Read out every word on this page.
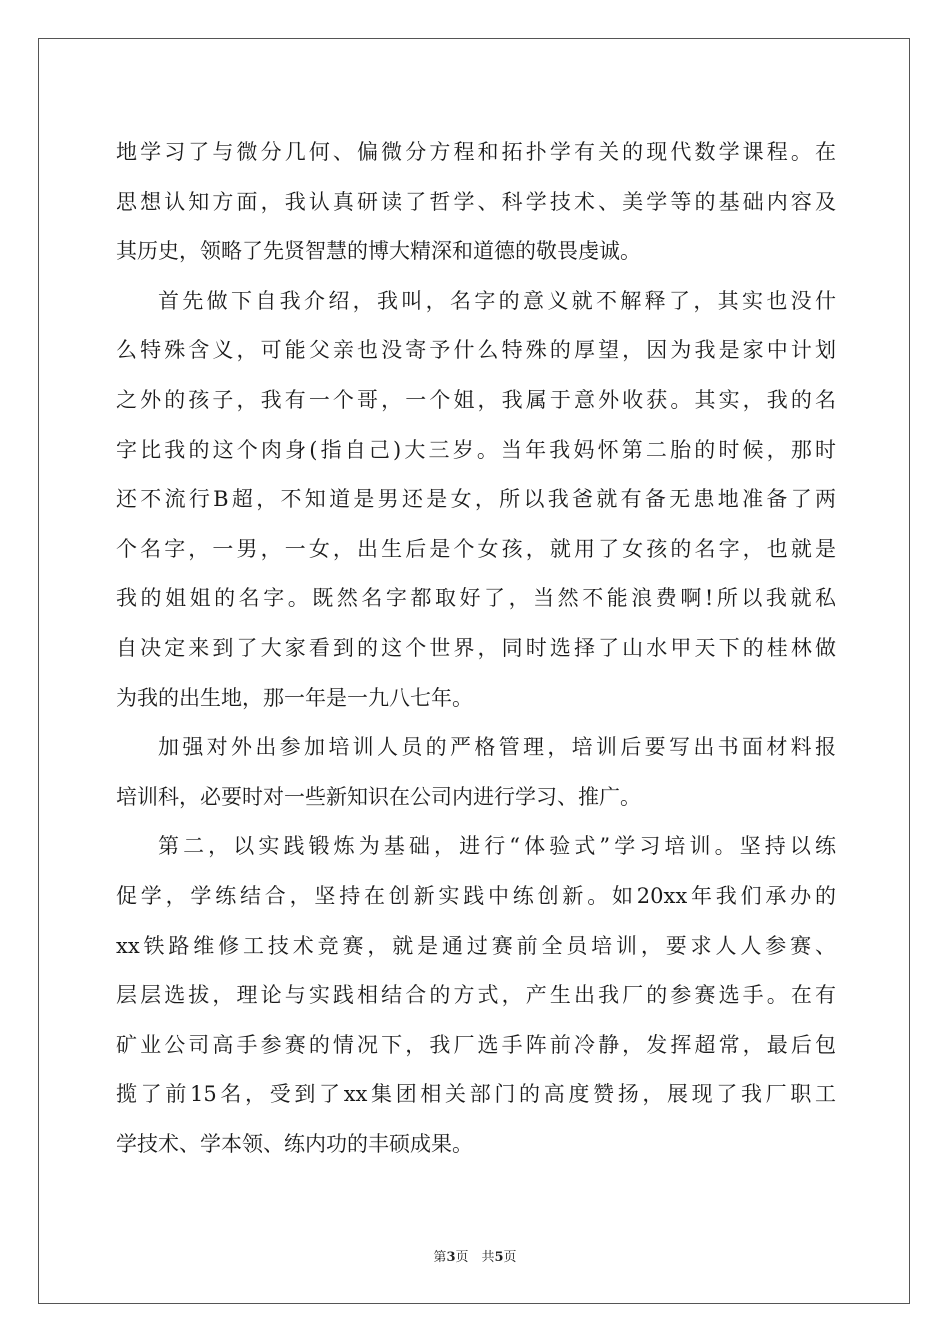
地学习了与微分几何、偏微分方程和拓扑学有关的现代数学课程。在
思想认知方面，我认真研读了哲学、科学技术、美学等的基础内容及
其历史，领略了先贤智慧的博大精深和道德的敬畏虔诚。
首先做下自我介绍，我叫，名字的意义就不解释了，其实也没什
么特殊含义，可能父亲也没寄予什么特殊的厚望，因为我是家中计划
之外的孩子，我有一个哥，一个姐，我属于意外收获。其实，我的名
字比我的这个肉身(指自己)大三岁。当年我妈怀第二胎的时候，那时
还不流行B超，不知道是男还是女，所以我爸就有备无患地准备了两
个名字，一男，一女，出生后是个女孩，就用了女孩的名字，也就是
我的姐姐的名字。既然名字都取好了，当然不能浪费啊!所以我就私
自决定来到了大家看到的这个世界，同时选择了山水甲天下的桂林做
为我的出生地，那一年是一九八七年。
加强对外出参加培训人员的严格管理，培训后要写出书面材料报
培训科，必要时对一些新知识在公司内进行学习、推广。
第二，以实践锻炼为基础，进行“体验式”学习培训。坚持以练
促学，学练结合，坚持在创新实践中练创新。如20xx年我们承办的
xx铁路维修工技术竞赛，就是通过赛前全员培训，要求人人参赛、
层层选拔，理论与实践相结合的方式，产生出我厂的参赛选手。在有
矿业公司高手参赛的情况下，我厂选手阵前冷静，发挥超常，最后包
揽了前15名，受到了xx集团相关部门的高度赞扬，展现了我厂职工
学技术、学本领、练内功的丰硕成果。
第3页　共5页
